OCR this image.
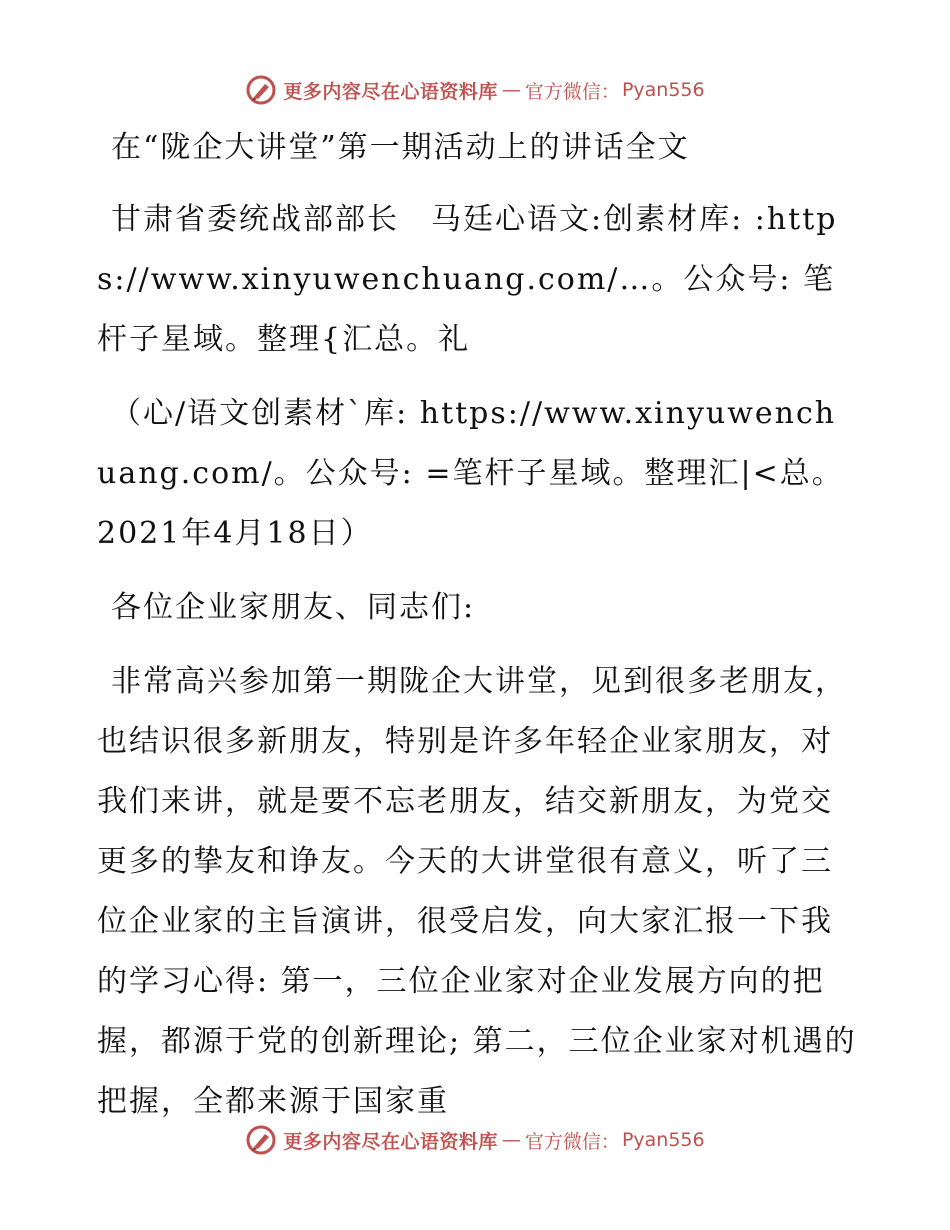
更多内容尽在心语资料库 — 官方微信： Pyan556

在“陇企大讲堂”第一期活动上的讲话全文

甘肃省委统战部部长　马廷心语文:创素材库: :https://www.xinyuwenchuang.com/…。公众号: 笔杆子星域。整理{汇总。礼

（心/语文创素材`库: https://www.xinyuwenchuang.com/。公众号: =笔杆子星域。整理汇|<总。2021年4月18日）

各位企业家朋友、同志们:

非常高兴参加第一期陇企大讲堂，见到很多老朋友，也结识很多新朋友，特别是许多年轻企业家朋友，对我们来讲，就是要不忘老朋友，结交新朋友，为党交更多的挚友和诤友。今天的大讲堂很有意义，听了三位企业家的主旨演讲，很受启发，向大家汇报一下我的学习心得: 第一，三位企业家对企业发展方向的把握，都源于党的创新理论; 第二，三位企业家对机遇的把握，全都来源于国家重

更多内容尽在心语资料库 — 官方微信： Pyan556
